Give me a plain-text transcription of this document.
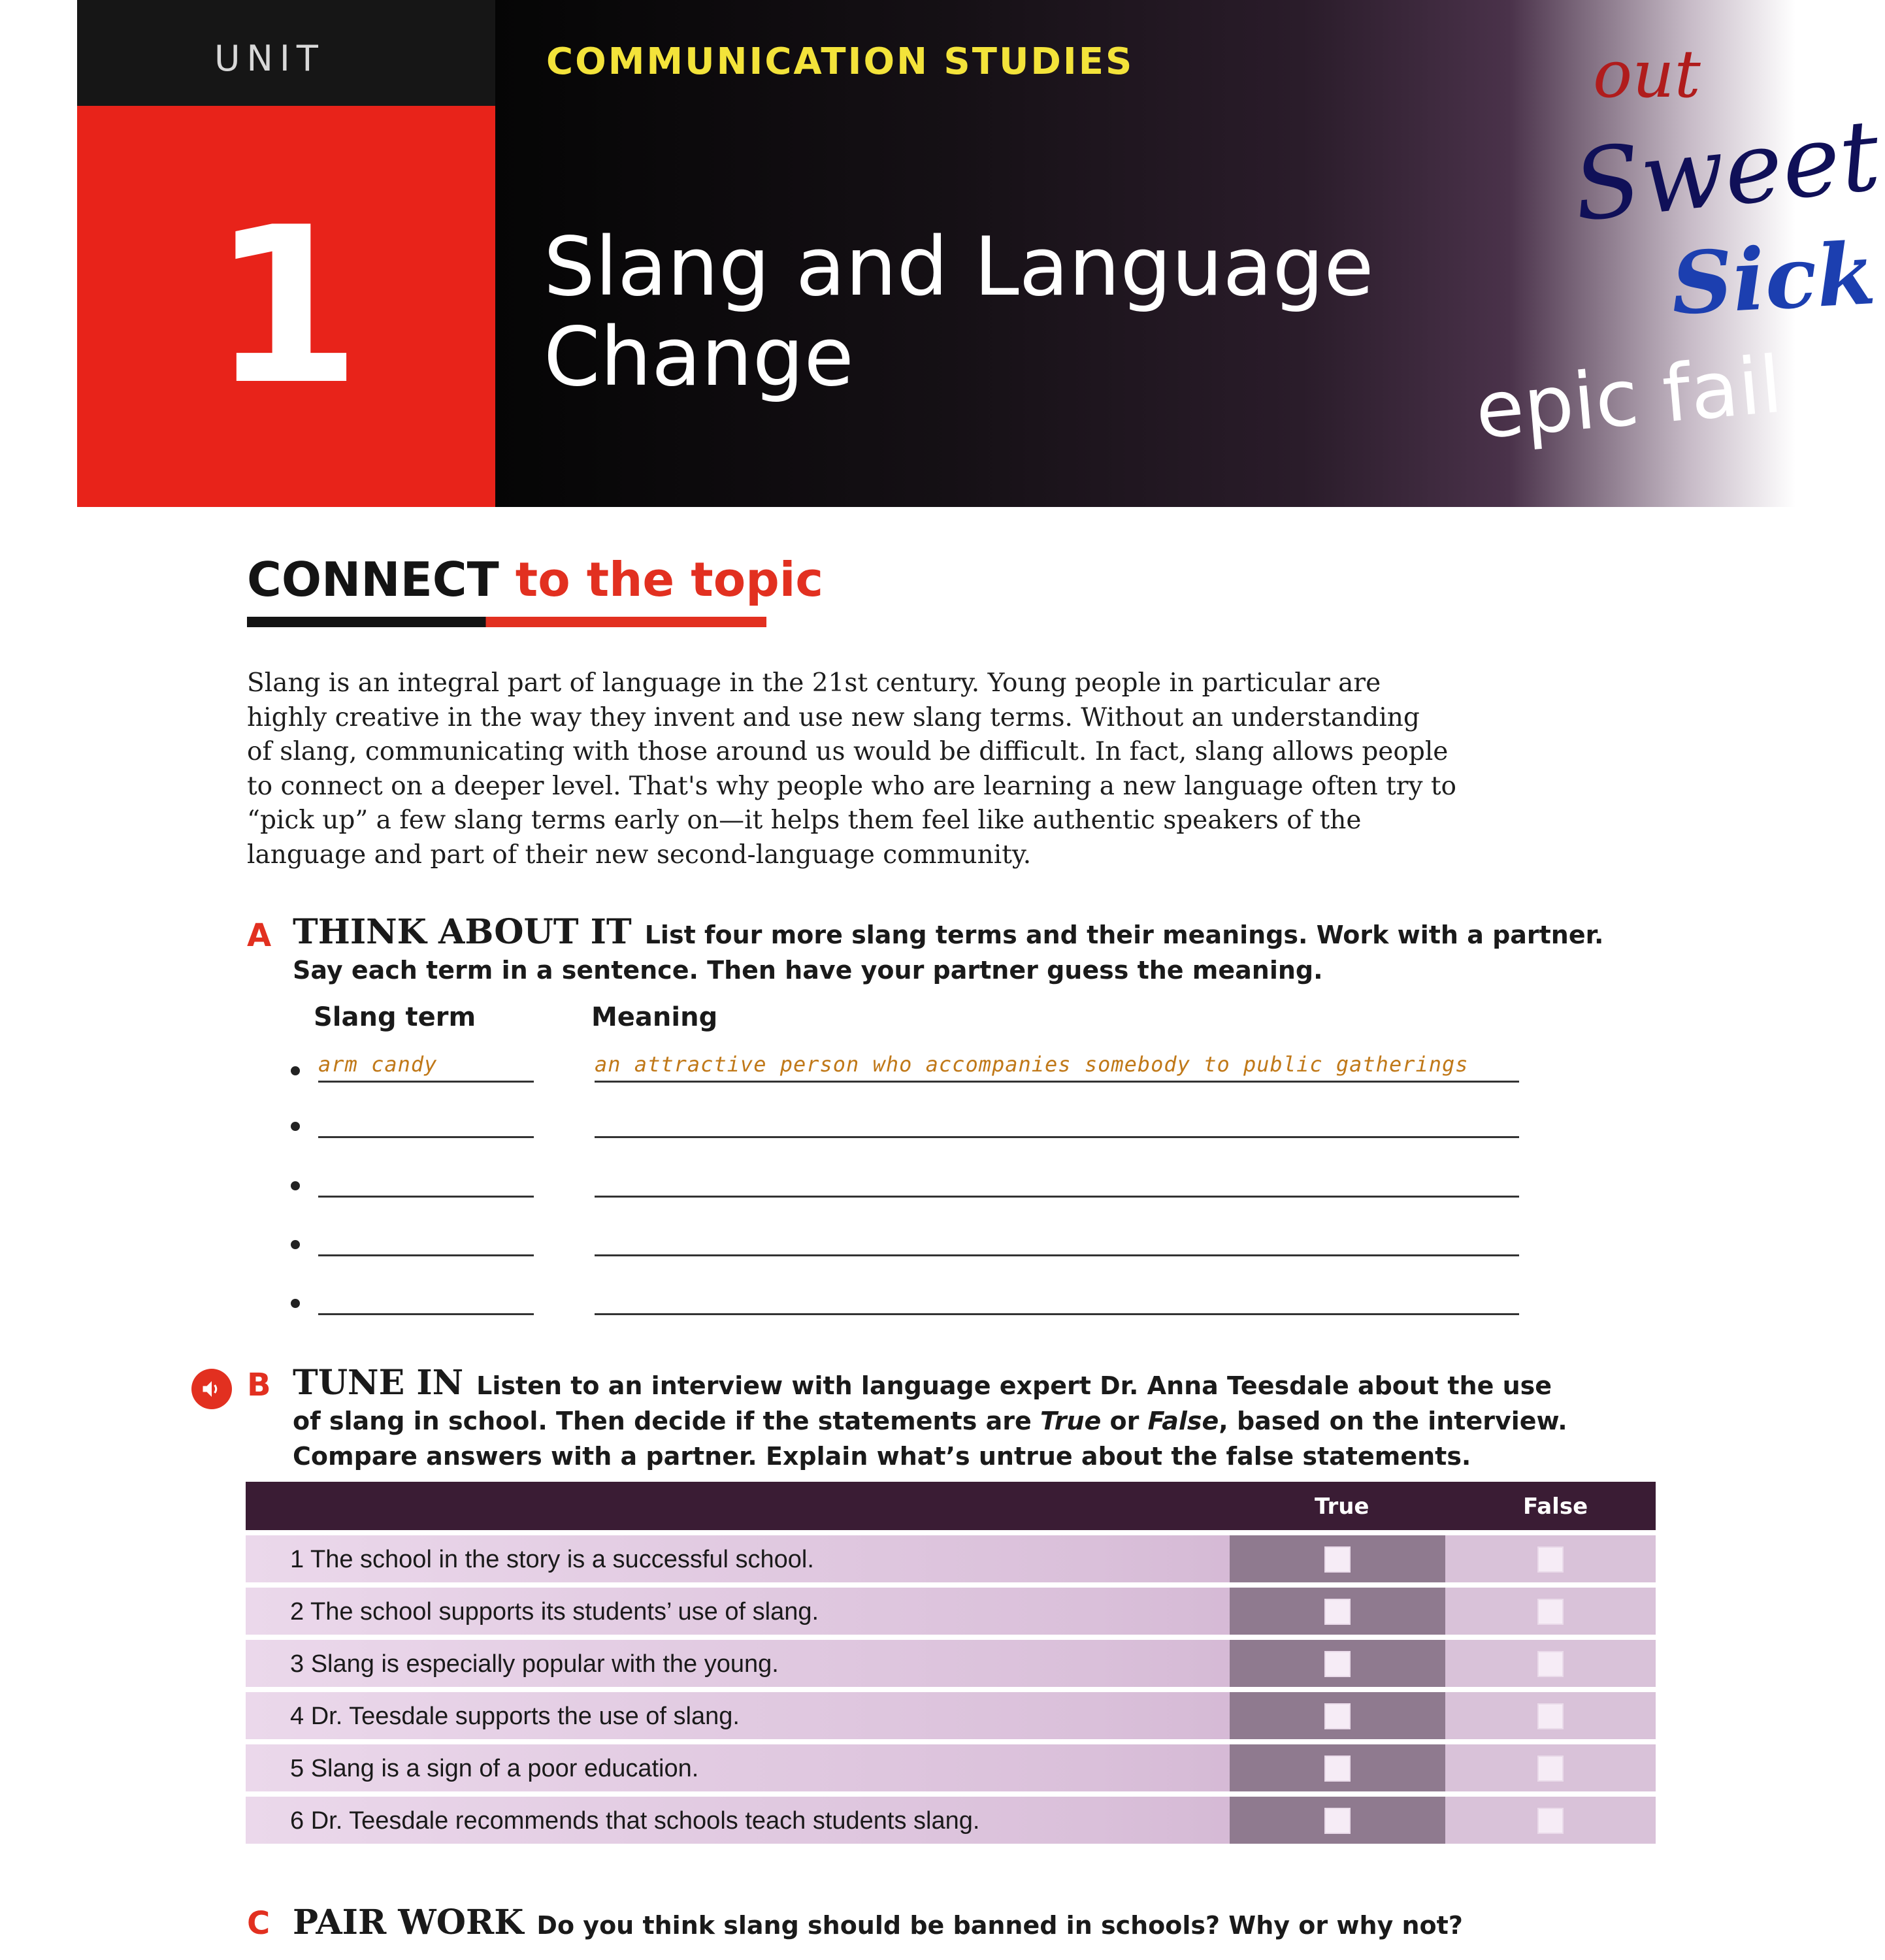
UNIT
1
COMMUNICATION STUDIES
Slang and Language
Change
out
Sweet
Sick
epic fail
CONNECT to the topic
Slang is an integral part of language in the 21st century. Young people in particular are
highly creative in the way they invent and use new slang terms. Without an understanding
of slang, communicating with those around us would be difficult. In fact, slang allows people
to connect on a deeper level. That's why people who are learning a new language often try to
“pick up” a few slang terms early on—it helps them feel like authentic speakers of the
language and part of their new second-language community.
A THINK ABOUT IT List four more slang terms and their meanings. Work with a partner.
Say each term in a sentence. Then have your partner guess the meaning.
Slang term	Meaning
arm candy	an attractive person who accompanies somebody to public gatherings
B TUNE IN Listen to an interview with language expert Dr. Anna Teesdale about the use
of slang in school. Then decide if the statements are True or False, based on the interview.
Compare answers with a partner. Explain what’s untrue about the false statements.
True	False
1 The school in the story is a successful school.
2 The school supports its students’ use of slang.
3 Slang is especially popular with the young.
4 Dr. Teesdale supports the use of slang.
5 Slang is a sign of a poor education.
6 Dr. Teesdale recommends that schools teach students slang.
C PAIR WORK Do you think slang should be banned in schools? Why or why not?
